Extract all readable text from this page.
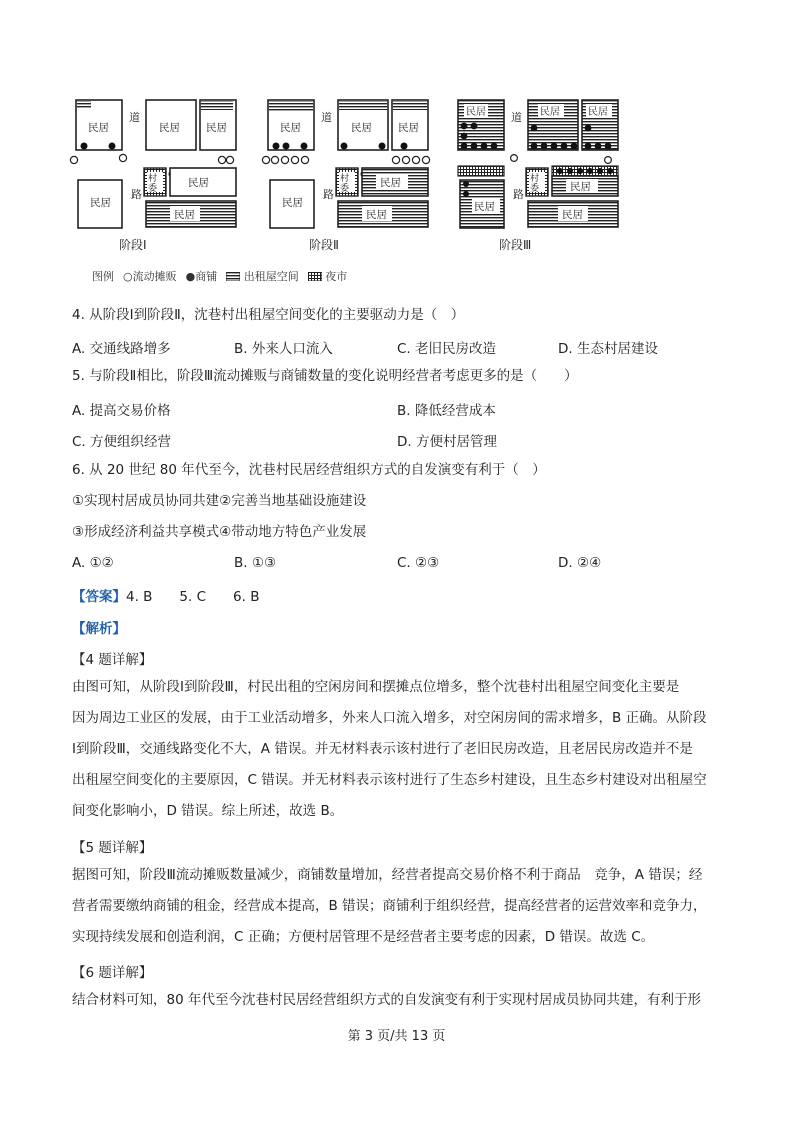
民居
道
民居 民居
村
委	民居
路
民居
民居
民居
道
民居 民居
村
委	民居
路
民居
民居
民居 道 民居	民居
村
委	民居
路
民居
民居
阶段Ⅰ	阶段Ⅱ	阶段Ⅲ
图例 ○流动摊贩 ●商铺 出租屋空间 夜市
4. 从阶段Ⅰ到阶段Ⅱ，沈巷村出租屋空间变化的主要驱动力是（　）
A. 交通线路增多	B. 外来人口流入	C. 老旧民房改造	D. 生态村居建设
5. 与阶段Ⅱ相比，阶段Ⅲ流动摊贩与商铺数量的变化说明经营者考虑更多的是（　　）
A. 提高交易价格	B. 降低经营成本
C. 方便组织经营	D. 方便村居管理
6. 从 20 世纪 80 年代至今，沈巷村民居经营组织方式的自发演变有利于（　）
①实现村居成员协同共建②完善当地基础设施建设
③形成经济利益共享模式④带动地方特色产业发展
A. ①②	B. ①③	C. ②③	D. ②④
【答案】4. B　　5. C　　6. B
【解析】
【4 题详解】
由图可知，从阶段Ⅰ到阶段Ⅲ，村民出租的空闲房间和摆摊点位增多，整个沈巷村出租屋空间变化主要是
因为周边工业区的发展，由于工业活动增多，外来人口流入增多，对空闲房间的需求增多，B 正确。从阶段
Ⅰ到阶段Ⅲ，交通线路变化不大，A 错误。并无材料表示该村进行了老旧民房改造，且老居民房改造并不是
出租屋空间变化的主要原因，C 错误。并无材料表示该村进行了生态乡村建设，且生态乡村建设对出租屋空
间变化影响小，D 错误。综上所述，故选 B。
【5 题详解】
据图可知，阶段Ⅲ流动摊贩数量减少，商铺数量增加，经营者提高交易价格不利于商品　竞争，A 错误；经
营者需要缴纳商铺的租金，经营成本提高，B 错误；商铺利于组织经营，提高经营者的运营效率和竞争力，
实现持续发展和创造利润，C 正确；方便村居管理不是经营者主要考虑的因素，D 错误。故选 C。
【6 题详解】
结合材料可知，80 年代至今沈巷村民居经营组织方式的自发演变有利于实现村居成员协同共建，有利于形
第 3 页/共 13 页
